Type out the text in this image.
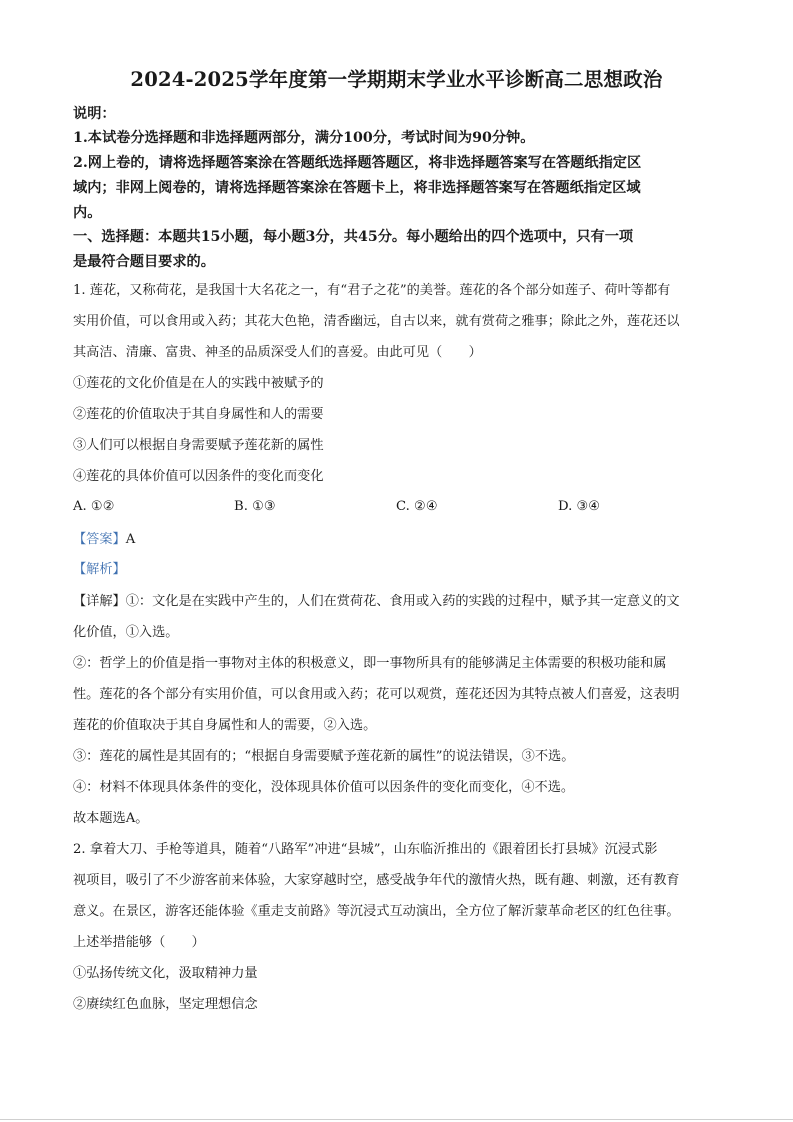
2024-2025学年度第一学期期末学业水平诊断高二思想政治
说明：
1.本试卷分选择题和非选择题两部分，满分100分，考试时间为90分钟。
2.网上卷的，请将选择题答案涂在答题纸选择题答题区，将非选择题答案写在答题纸指定区
域内；非网上阅卷的，请将选择题答案涂在答题卡上，将非选择题答案写在答题纸指定区域
内。
一、选择题：本题共15小题，每小题3分，共45分。每小题给出的四个选项中，只有一项
是最符合题目要求的。
1. 莲花，又称荷花，是我国十大名花之一，有“君子之花”的美誉。莲花的各个部分如莲子、荷叶等都有
实用价值，可以食用或入药；其花大色艳，清香幽远，自古以来，就有赏荷之雅事；除此之外，莲花还以
其高洁、清廉、富贵、神圣的品质深受人们的喜爱。由此可见（　　）
①莲花的文化价值是在人的实践中被赋予的
②莲花的价值取决于其自身属性和人的需要
③人们可以根据自身需要赋予莲花新的属性
④莲花的具体价值可以因条件的变化而变化
A. ①②	B. ①③	C. ②④	D. ③④
【答案】A
【解析】
【详解】①：文化是在实践中产生的，人们在赏荷花、食用或入药的实践的过程中，赋予其一定意义的文
化价值，①入选。
②：哲学上的价值是指一事物对主体的积极意义，即一事物所具有的能够满足主体需要的积极功能和属
性。莲花的各个部分有实用价值，可以食用或入药；花可以观赏，莲花还因为其特点被人们喜爱，这表明
莲花的价值取决于其自身属性和人的需要，②入选。
③：莲花的属性是其固有的；“根据自身需要赋予莲花新的属性”的说法错误，③不选。
④：材料不体现具体条件的变化，没体现具体价值可以因条件的变化而变化，④不选。
故本题选A。
2. 拿着大刀、手枪等道具，随着“八路军”冲进“县城”，山东临沂推出的《跟着团长打县城》沉浸式影
视项目，吸引了不少游客前来体验，大家穿越时空，感受战争年代的激情火热，既有趣、刺激，还有教育
意义。在景区，游客还能体验《重走支前路》等沉浸式互动演出，全方位了解沂蒙革命老区的红色往事。
上述举措能够（　　）
①弘扬传统文化，汲取精神力量
②赓续红色血脉，坚定理想信念
